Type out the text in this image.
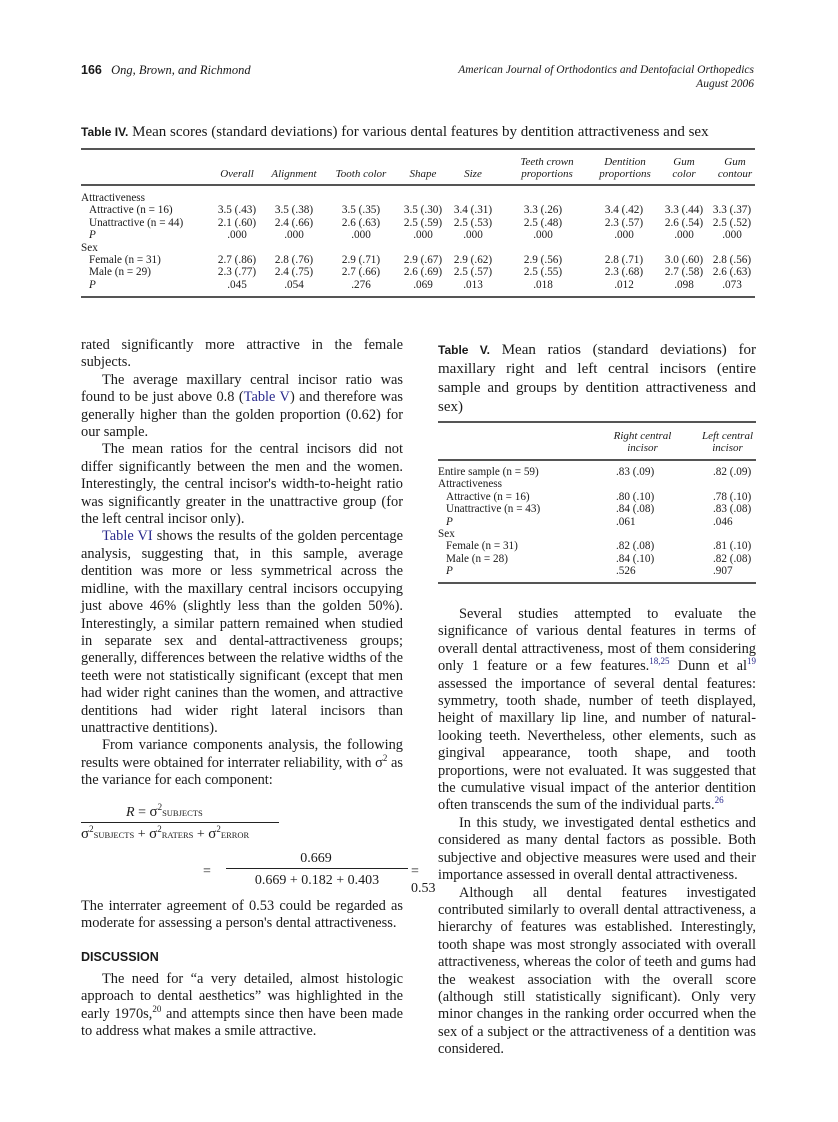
166 Ong, Brown, and Richmond	American Journal of Orthodontics and Dentofacial Orthopedics
August 2006
Table IV. Mean scores (standard deviations) for various dental features by dentition attractiveness and sex
	Overall	Alignment	Tooth color	Shape	Size	Teeth crown proportions	Dentition proportions	Gum color	Gum contour

Attractiveness									
Attractive (n = 16)	3.5 (.43)	3.5 (.38)	3.5 (.35)	3.5 (.30)	3.4 (.31)	3.3 (.26)	3.4 (.42)	3.3 (.44)	3.3 (.37)
Unattractive (n = 44)	2.1 (.60)	2.4 (.66)	2.6 (.63)	2.5 (.59)	2.5 (.53)	2.5 (.48)	2.3 (.57)	2.6 (.54)	2.5 (.52)
P	.000	.000	.000	.000	.000	.000	.000	.000	.000
Sex									
Female (n = 31)	2.7 (.86)	2.8 (.76)	2.9 (.71)	2.9 (.67)	2.9 (.62)	2.9 (.56)	2.8 (.71)	3.0 (.60)	2.8 (.56)
Male (n = 29)	2.3 (.77)	2.4 (.75)	2.7 (.66)	2.6 (.69)	2.5 (.57)	2.5 (.55)	2.3 (.68)	2.7 (.58)	2.6 (.63)
P	.045	.054	.276	.069	.013	.018	.012	.098	.073

rated significantly more attractive in the female subjects.

The average maxillary central incisor ratio was found to be just above 0.8 (Table V) and therefore was generally higher than the golden proportion (0.62) for our sample.

The mean ratios for the central incisors did not differ significantly between the men and the women. Interestingly, the central incisor's width-to-height ratio was significantly greater in the unattractive group (for the left central incisor only).

Table VI shows the results of the golden percentage analysis, suggesting that, in this sample, average dentition was more or less symmetrical across the midline, with the maxillary central incisors occupying just above 46% (slightly less than the golden 50%). Interestingly, a similar pattern remained when studied in separate sex and dental-attractiveness groups; generally, differences between the relative widths of the teeth were not statistically significant (except that men had wider right canines than the women, and attractive dentitions had wider right lateral incisors than unattractive dentitions).

From variance components analysis, the following results were obtained for interrater reliability, with $\sigma^2$ as the variance for each component:

$R = \sigma^2SUBJECTS$
$\sigma^2SUBJECTS$ + $\sigma^2RATERS$ + $\sigma^2ERROR$
=
0.669
0.669 + 0.182 + 0.403
= 0.53

The interrater agreement of 0.53 could be regarded as moderate for assessing a person's dental attractiveness.

DISCUSSION

The need for “a very detailed, almost histologic approach to dental aesthetics” was highlighted in the early 1970s,$^{20}$ and attempts since then have been made to address what makes a smile attractive.

Table V. Mean ratios (standard deviations) for maxillary right and left central incisors (entire sample and groups by dentition attractiveness and sex)
	Right central incisor	Left central incisor

Entire sample (n = 59)	.83 (.09)	.82 (.09)
Attractiveness		
Attractive (n = 16)	.80 (.10)	.78 (.10)
Unattractive (n = 43)	.84 (.08)	.83 (.08)
P	.061	.046
Sex		
Female (n = 31)	.82 (.08)	.81 (.10)
Male (n = 28)	.84 (.10)	.82 (.08)
P	.526	.907

Several studies attempted to evaluate the significance of various dental features in terms of overall dental attractiveness, most of them considering only 1 feature or a few features.$^{18,25}$ Dunn et $al^{19}$ assessed the importance of several dental features: symmetry, tooth shade, number of teeth displayed, height of maxillary lip line, and number of natural-looking teeth. Nevertheless, other elements, such as gingival appearance, tooth shape, and tooth proportions, were not evaluated. It was suggested that the cumulative visual impact of the anterior dentition often transcends the sum of the individual parts.$^{26}$

In this study, we investigated dental esthetics and considered as many dental factors as possible. Both subjective and objective measures were used and their importance assessed in overall dental attractiveness.

Although all dental features investigated contributed similarly to overall dental attractiveness, a hierarchy of features was established. Interestingly, tooth shape was most strongly associated with overall attractiveness, whereas the color of teeth and gums had the weakest association with the overall score (although still statistically significant). Only very minor changes in the ranking order occurred when the sex of a subject or the attractiveness of a dentition was considered.
